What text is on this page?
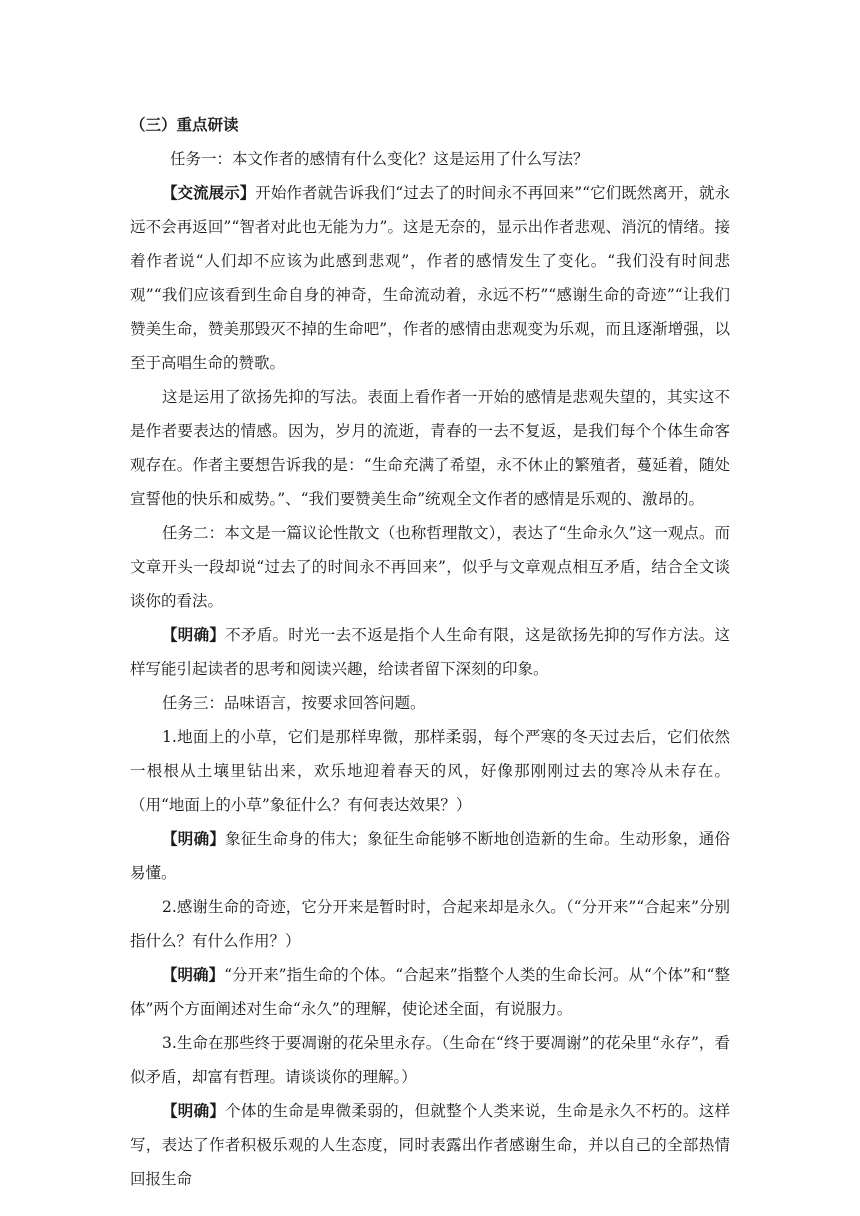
（三）重点研读

任务一：本文作者的感情有什么变化？这是运用了什么写法？

【交流展示】开始作者就告诉我们“过去了的时间永不再回来”“它们既然离开，就永远不会再返回”“智者对此也无能为力”。这是无奈的，显示出作者悲观、消沉的情绪。接着作者说“人们却不应该为此感到悲观”，作者的感情发生了变化。“我们没有时间悲观”“我们应该看到生命自身的神奇，生命流动着，永远不朽”“感谢生命的奇迹”“让我们赞美生命，赞美那毁灭不掉的生命吧”，作者的感情由悲观变为乐观，而且逐渐增强，以至于高唱生命的赞歌。

这是运用了欲扬先抑的写法。表面上看作者一开始的感情是悲观失望的，其实这不是作者要表达的情感。因为，岁月的流逝，青春的一去不复返，是我们每个个体生命客观存在。作者主要想告诉我的是：“生命充满了希望，永不休止的繁殖者，蔓延着，随处宣誓他的快乐和威势。”、“我们要赞美生命”统观全文作者的感情是乐观的、激昂的。

任务二：本文是一篇议论性散文（也称哲理散文），表达了“生命永久”这一观点。而文章开头一段却说“过去了的时间永不再回来”，似乎与文章观点相互矛盾，结合全文谈谈你的看法。

【明确】不矛盾。时光一去不返是指个人生命有限，这是欲扬先抑的写作方法。这样写能引起读者的思考和阅读兴趣，给读者留下深刻的印象。

任务三：品味语言，按要求回答问题。

1.地面上的小草，它们是那样卑微，那样柔弱，每个严寒的冬天过去后，它们依然一根根从土壤里钻出来，欢乐地迎着春天的风，好像那刚刚过去的寒冷从未存在。（用“地面上的小草”象征什么？有何表达效果？）

【明确】象征生命身的伟大；象征生命能够不断地创造新的生命。生动形象，通俗易懂。

2.感谢生命的奇迹，它分开来是暂时时，合起来却是永久。（“分开来”“合起来”分别指什么？有什么作用？）

【明确】“分开来”指生命的个体。“合起来”指整个人类的生命长河。从“个体”和“整体”两个方面阐述对生命“永久”的理解，使论述全面，有说服力。

3.生命在那些终于要凋谢的花朵里永存。（生命在“终于要凋谢”的花朵里“永存”，看似矛盾，却富有哲理。请谈谈你的理解。）

【明确】个体的生命是卑微柔弱的，但就整个人类来说，生命是永久不朽的。这样写，表达了作者积极乐观的人生态度，同时表露出作者感谢生命，并以自己的全部热情回报生命
